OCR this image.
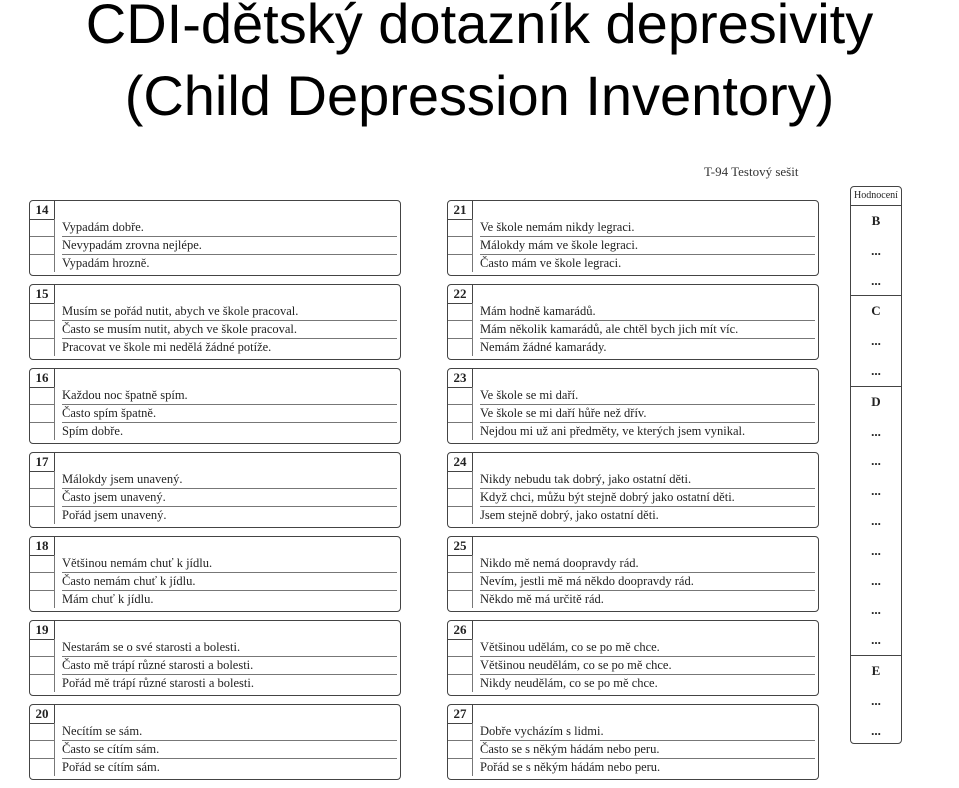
CDI-dětský dotazník depresivity
(Child Depression Inventory)
T-94 Testový sešit
14
Vypadám dobře.
Nevypadám zrovna nejlépe.
Vypadám hrozně.
15
Musím se pořád nutit, abych ve škole pracoval.
Často se musím nutit, abych ve škole pracoval.
Pracovat ve škole mi nedělá žádné potíže.
16
Každou noc špatně spím.
Často spím špatně.
Spím dobře.
17
Málokdy jsem unavený.
Často jsem unavený.
Pořád jsem unavený.
18
Většinou nemám chuť k jídlu.
Často nemám chuť k jídlu.
Mám chuť k jídlu.
19
Nestarám se o své starosti a bolesti.
Často mě trápí různé starosti a bolesti.
Pořád mě trápí různé starosti a bolesti.
20
Necítím se sám.
Často se cítím sám.
Pořád se cítím sám.
21
Ve škole nemám nikdy legraci.
Málokdy mám ve škole legraci.
Často mám ve škole legraci.
22
Mám hodně kamarádů.
Mám několik kamarádů, ale chtěl bych jich mít víc.
Nemám žádné kamarády.
23
Ve škole se mi daří.
Ve škole se mi daří hůře než dřív.
Nejdou mi už ani předměty, ve kterých jsem vynikal.
24
Nikdy nebudu tak dobrý, jako ostatní děti.
Když chci, můžu být stejně dobrý jako ostatní děti.
Jsem stejně dobrý, jako ostatní děti.
25
Nikdo mě nemá doopravdy rád.
Nevím, jestli mě má někdo doopravdy rád.
Někdo mě má určitě rád.
26
Většinou udělám, co se po mě chce.
Většinou neudělám, co se po mě chce.
Nikdy neudělám, co se po mě chce.
27
Dobře vycházím s lidmi.
Často se s někým hádám nebo peru.
Pořád se s někým hádám nebo peru.
Hodnocení
B
...
...
C
...
...
D
...
...
...
...
...
...
...
...
E
...
...
